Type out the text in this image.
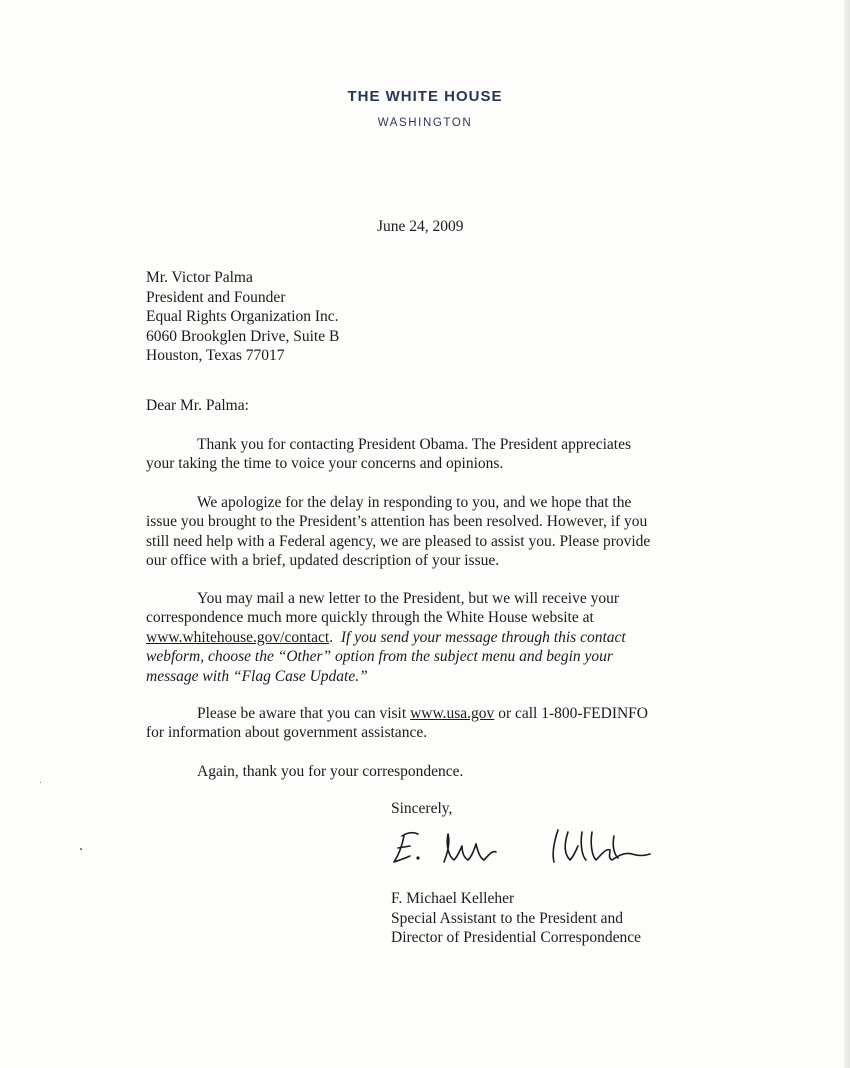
THE WHITE HOUSE
WASHINGTON
June 24, 2009
Mr. Victor Palma
President and Founder
Equal Rights Organization Inc.
6060 Brookglen Drive, Suite B
Houston, Texas 77017
Dear Mr. Palma:
Thank you for contacting President Obama. The President appreciates
your taking the time to voice your concerns and opinions.
We apologize for the delay in responding to you, and we hope that the
issue you brought to the President’s attention has been resolved. However, if you
still need help with a Federal agency, we are pleased to assist you. Please provide
our office with a brief, updated description of your issue.
You may mail a new letter to the President, but we will receive your
correspondence much more quickly through the White House website at
www.whitehouse.gov/contact. If you send your message through this contact
webform, choose the “Other” option from the subject menu and begin your
message with “Flag Case Update.”
Please be aware that you can visit www.usa.gov or call 1-800-FEDINFO
for information about government assistance.
Again, thank you for your correspondence.
Sincerely,
F. Michael Kelleher
Special Assistant to the President and
Director of Presidential Correspondence
